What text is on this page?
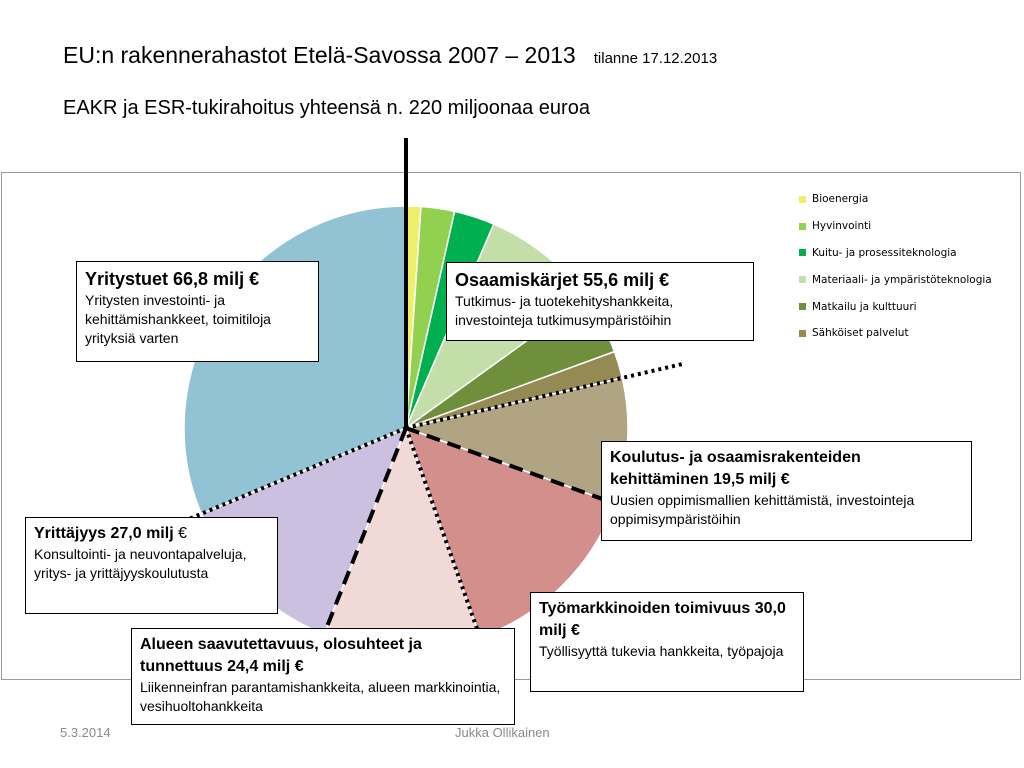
EU:n rakennerahastot Etelä-Savossa 2007 – 2013 tilanne 17.12.2013
EAKR ja ESR-tukirahoitus yhteensä n. 220 miljoonaa euroa
Bioenergia
Hyvinvointi
Kuitu- ja prosessiteknologia
Materiaali- ja ympäristöteknologia
Matkailu ja kulttuuri
Sähköiset palvelut
Yritystuet 66,8 milj €
Yritysten investointi- ja kehittämishankkeet, toimitiloja yrityksiä varten
Osaamiskärjet 55,6 milj €
Tutkimus- ja tuotekehityshankkeita, investointeja tutkimusympäristöihin
Koulutus- ja osaamisrakenteiden kehittäminen 19,5 milj €
Uusien oppimismallien kehittämistä, investointeja oppimisympäristöihin
Työmarkkinoiden toimivuus 30,0 milj €
Työllisyyttä tukevia hankkeita, työpajoja
Alueen saavutettavuus, olosuhteet ja tunnettuus 24,4 milj €
Liikenneinfran parantamishankkeita, alueen markkinointia, vesihuoltohankkeita
Yrittäjyys 27,0 milj €
Konsultointi- ja neuvontapalveluja, yritys- ja yrittäjyyskoulutusta
5.3.2014	Jukka Ollikainen
